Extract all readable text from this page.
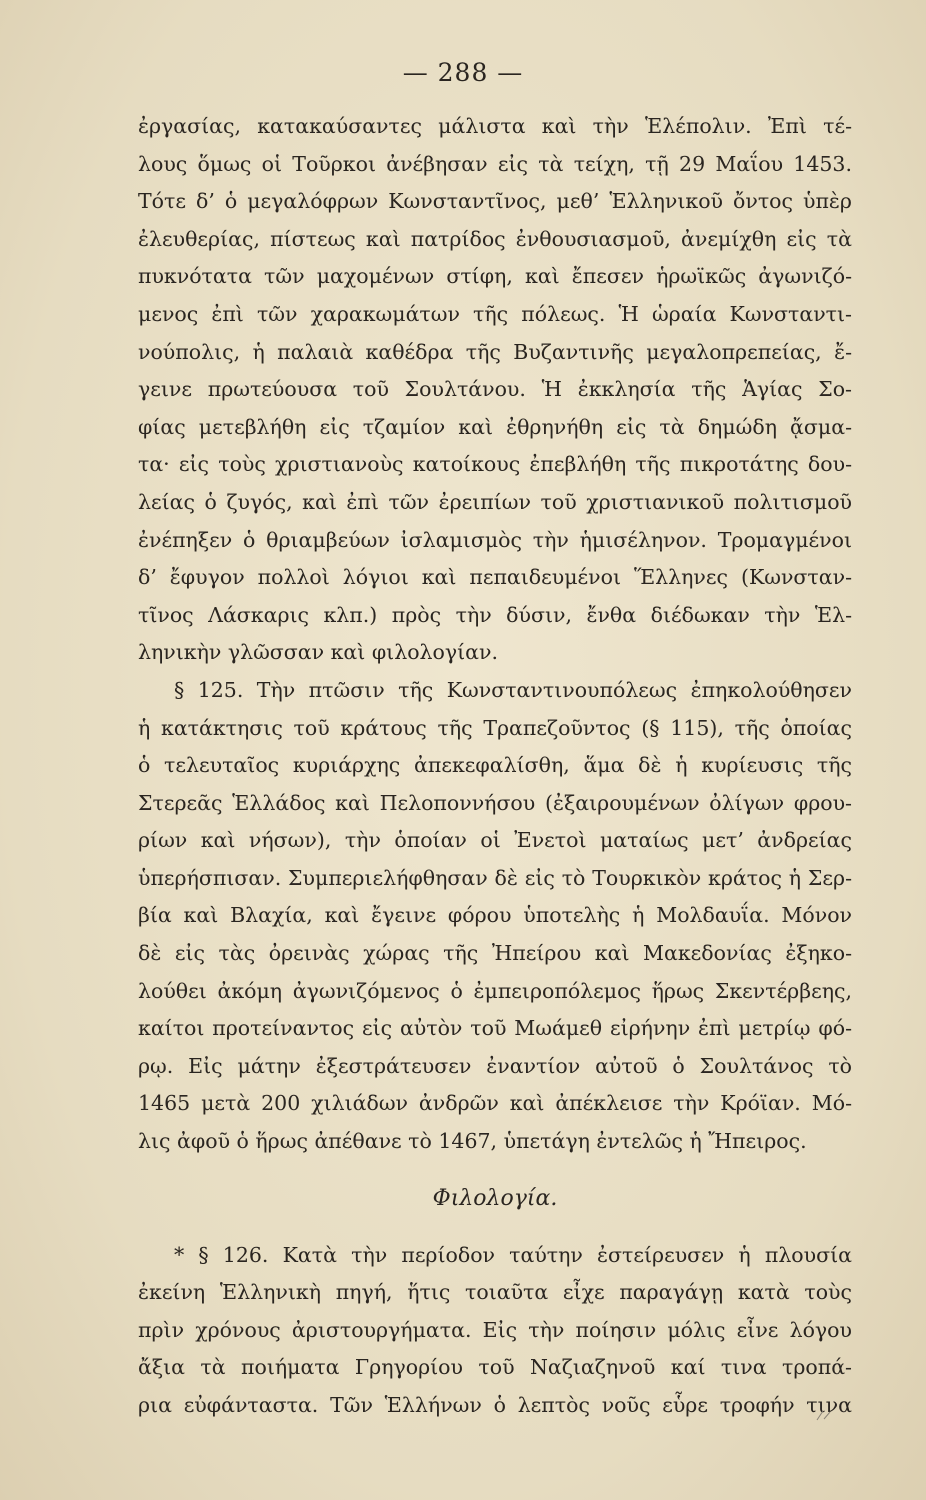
— 288 —
ἐργασίας, κατακαύσαντες μάλιστα καὶ τὴν Ἑλέπολιν. Ἐπὶ τέ-
λους ὅμως οἱ Τοῦρκοι ἀνέβησαν εἰς τὰ τείχη, τῇ 29 Μαΐου 1453.
Τότε δ’ ὁ μεγαλόφρων Κωνσταντῖνος, μεθ’ Ἑλληνικοῦ ὄντος ὑπὲρ
ἐλευθερίας, πίστεως καὶ πατρίδος ἐνθουσιασμοῦ, ἀνεμίχθη εἰς τὰ
πυκνότατα τῶν μαχομένων στίφη, καὶ ἔπεσεν ἡρωϊκῶς ἀγωνιζό-
μενος ἐπὶ τῶν χαρακωμάτων τῆς πόλεως. Ἡ ὡραία Κωνσταντι-
νούπολις, ἡ παλαιὰ καθέδρα τῆς Βυζαντινῆς μεγαλοπρεπείας, ἔ-
γεινε πρωτεύουσα τοῦ Σουλτάνου. Ἡ ἐκκλησία τῆς Ἁγίας Σο-
φίας μετεβλήθη εἰς τζαμίον καὶ ἐθρηνήθη εἰς τὰ δημώδη ᾄσμα-
τα· εἰς τοὺς χριστιανοὺς κατοίκους ἐπεβλήθη τῆς πικροτάτης δου-
λείας ὁ ζυγός, καὶ ἐπὶ τῶν ἐρειπίων τοῦ χριστιανικοῦ πολιτισμοῦ
ἐνέπηξεν ὁ θριαμβεύων ἰσλαμισμὸς τὴν ἡμισέληνον. Τρομαγμένοι
δ’ ἔφυγον πολλοὶ λόγιοι καὶ πεπαιδευμένοι Ἕλληνες (Κωνσταν-
τῖνος Λάσκαρις κλπ.) πρὸς τὴν δύσιν, ἔνθα διέδωκαν τὴν Ἑλ-
ληνικὴν γλῶσσαν καὶ φιλολογίαν.
§ 125. Τὴν πτῶσιν τῆς Κωνσταντινουπόλεως ἐπηκολούθησεν
ἡ κατάκτησις τοῦ κράτους τῆς Τραπεζοῦντος (§ 115), τῆς ὁποίας
ὁ τελευταῖος κυριάρχης ἀπεκεφαλίσθη, ἅμα δὲ ἡ κυρίευσις τῆς
Στερεᾶς Ἑλλάδος καὶ Πελοποννήσου (ἐξαιρουμένων ὀλίγων φρου-
ρίων καὶ νήσων), τὴν ὁποίαν οἱ Ἐνετοὶ ματαίως μετ’ ἀνδρείας
ὑπερήσπισαν. Συμπεριελήφθησαν δὲ εἰς τὸ Τουρκικὸν κράτος ἡ Σερ-
βία καὶ Βλαχία, καὶ ἔγεινε φόρου ὑποτελὴς ἡ Μολδαυΐα. Μόνον
δὲ εἰς τὰς ὀρεινὰς χώρας τῆς Ἠπείρου καὶ Μακεδονίας ἐξηκο-
λούθει ἀκόμη ἀγωνιζόμενος ὁ ἐμπειροπόλεμος ἥρως Σκεντέρβεης,
καίτοι προτείναντος εἰς αὐτὸν τοῦ Μωάμεθ εἰρήνην ἐπὶ μετρίῳ φό-
ρῳ. Εἰς μάτην ἐξεστράτευσεν ἐναντίον αὐτοῦ ὁ Σουλτάνος τὸ
1465 μετὰ 200 χιλιάδων ἀνδρῶν καὶ ἀπέκλεισε τὴν Κρόϊαν. Μό-
λις ἀφοῦ ὁ ἥρως ἀπέθανε τὸ 1467, ὑπετάγη ἐντελῶς ἡ Ἤπειρος.
Φιλολογία.
* § 126. Κατὰ τὴν περίοδον ταύτην ἐστείρευσεν ἡ πλουσία
ἐκείνη Ἑλληνικὴ πηγή, ἥτις τοιαῦτα εἶχε παραγάγῃ κατὰ τοὺς
πρὶν χρόνους ἀριστουργήματα. Εἰς τὴν ποίησιν μόλις εἶνε λόγου
ἄξια τὰ ποιήματα Γρηγορίου τοῦ Ναζιαζηνοῦ καί τινα τροπά-
ρια εὐφάνταστα. Τῶν Ἑλλήνων ὁ λεπτὸς νοῦς εὗρε τροφήν τινα
